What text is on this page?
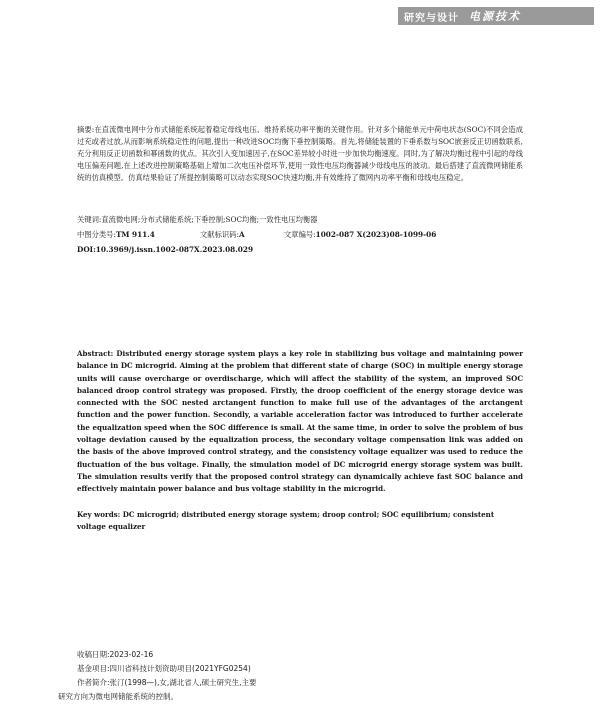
研究与设计 电源技术

摘要:在直流微电网中分布式储能系统起着稳定母线电压、维持系统功率平衡的关键作用。针对多个储能单元中荷电状态(SOC)不同会造成过充或者过放,从而影响系统稳定性的问题,提出一种改进SOC均衡下垂控制策略。首先,将储能装置的下垂系数与SOC嵌套反正切函数联系,充分利用反正切函数和幂函数的优点。其次引入变加速因子,在SOC差异较小时进一步加快均衡速度。同时,为了解决均衡过程中引起的母线电压偏差问题,在上述改进控制策略基础上增加二次电压补偿环节,使用一致性电压均衡器减少母线电压的波动。最后搭建了直流微网储能系统的仿真模型。仿真结果验证了所提控制策略可以动态实现SOC快速均衡,并有效维持了微网内功率平衡和母线电压稳定。

关键词:直流微电网;分布式储能系统;下垂控制;SOC均衡;一致性电压均衡器
中图分类号:TM 911.4	文献标识码:A	文章编号:1002-087 X(2023)08-1099-06
DOI:10.3969/j.issn.1002-087X.2023.08.029

Abstract: Distributed energy storage system plays a key role in stabilizing bus voltage and maintaining power balance in DC microgrid. Aiming at the problem that different state of charge (SOC) in multiple energy storage units will cause overcharge or overdischarge, which will affect the stability of the system, an improved SOC balanced droop control strategy was proposed. Firstly, the droop coefficient of the energy storage device was connected with the SOC nested arctangent function to make full use of the advantages of the arctangent function and the power function. Secondly, a variable acceleration factor was introduced to further accelerate the equalization speed when the SOC difference is small. At the same time, in order to solve the problem of bus voltage deviation caused by the equalization process, the secondary voltage compensation link was added on the basis of the above improved control strategy, and the consistency voltage equalizer was used to reduce the fluctuation of the bus voltage. Finally, the simulation model of DC microgrid energy storage system was built. The simulation results verify that the proposed control strategy can dynamically achieve fast SOC balance and effectively maintain power balance and bus voltage stability in the microgrid.

Key words: DC microgrid; distributed energy storage system; droop control; SOC equilibrium; consistent voltage equalizer

收稿日期:2023-02-16
基金项目:四川省科技计划资助项目(2021YFG0254)
作者简介:张汀(1998—),女,湖北省人,硕士研究生,主要
研究方向为微电网储能系统的控制。
